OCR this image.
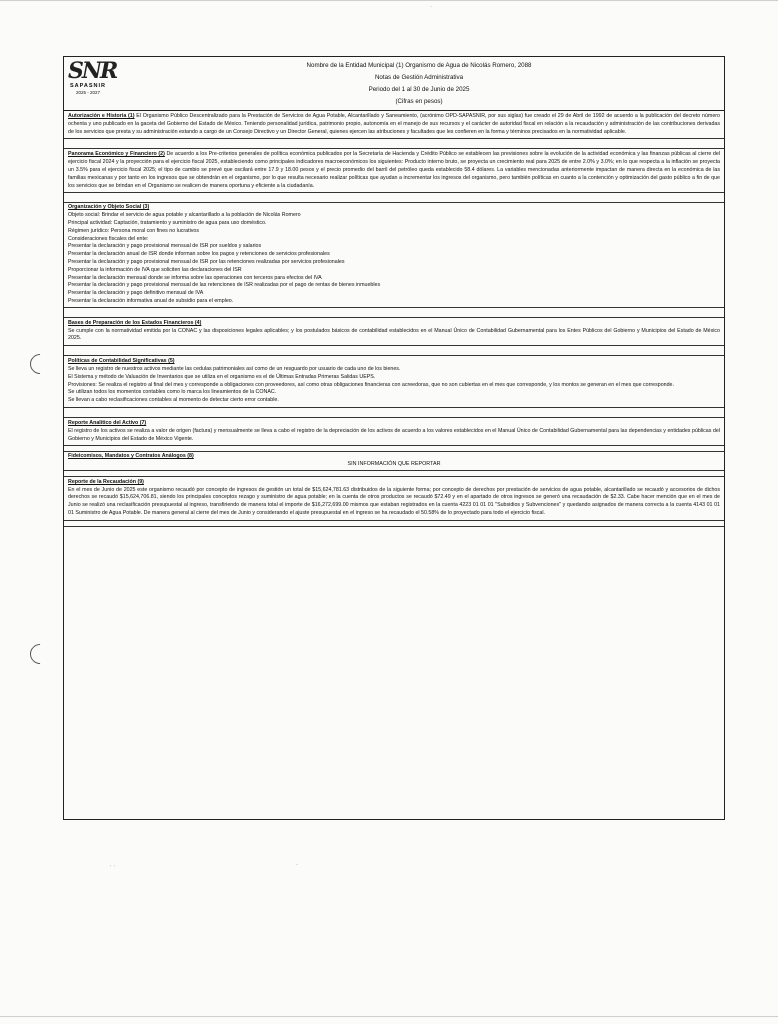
·
˙ ˙
·
SNR
SAPASNIR
2025 - 2027
Nombre de la Entidad Municipal (1) Organismo de Agua de Nicolás Romero, 2088
Notas de Gestión Administrativa
Periodo del 1 al 30 de Junio de 2025
(Cifras en pesos)
Autorización e Historia (1) El Organismo Público Descentralizado para la Prestación de Servicios de Agua Potable, Alcantarillado y Saneamiento, (acrónimo OPD-SAPASNIR, por sus siglas) fue creado el 29 de Abril de 1992 de acuerdo a la publicación del decreto número ochenta y uno publicado en la gaceta del Gobierno del Estado de México. Teniendo personalidad jurídica, patrimonio propio, autonomía en el manejo de sus recursos y el carácter de autoridad fiscal en relación a la recaudación y administración de las contribuciones derivadas de los servicios que presta y su administración estando a cargo de un Consejo Directivo y un Director General, quienes ejercen las atribuciones y facultades que les confieren en la forma y términos precisados en la normatividad aplicable.
Panorama Económico y Financiero (2) De acuerdo a los Pre-criterios generales de política económica publicados por la Secretaría de Hacienda y Crédito Público se establecen las previsiones sobre la evolución de la actividad económica y las finanzas públicas al cierre del ejercicio fiscal 2024 y la proyección para el ejercicio fiscal 2025, estableciendo como principales indicadores macroeconómicos los siguientes: Producto interno bruto, se proyecta un crecimiento real para 2025 de entre 2.0% y 3.0%; en lo que respecta a la inflación se proyecta un 3.5% para el ejercicio fiscal 2025; el tipo de cambio se prevé que oscilará entre 17.9 y 18.00 pesos y el precio promedio del barril del petróleo queda establecido 58.4 dólares. La variables mencionadas anteriormente impactan de manera directa en la económica de las familias mexicanas y por tanto en los ingresos que se obtendrán en el organismo, por lo que resulta necesario realizar políticas que ayudan a incrementar los ingresos del organismo, pero también políticas en cuanto a la contención y optimización del gasto público a fin de que los servicios que se brindan en el Organismo se realicen de manera oportuna y eficiente a la ciudadanía.
Organización y Objeto Social (3)
Objeto social: Brindar el servicio de agua potable y alcantarillado a la población de Nicolás Romero
Principal actividad: Captación, tratamiento y suministro de agua para uso doméstico.
Régimen jurídico: Persona moral con fines no lucrativos
Consideraciones fiscales del ente:
Presentar la declaración y pago provisional mensual de ISR por sueldos y salarios
Presentar la declaración anual de ISR donde informan sobre los pagos y retenciones de servicios profesionales
Presentar la declaración y pago provisional mensual de ISR por las retenciones realizadas por servicios profesionales
Proporcionar la información de IVA que soliciten las declaraciones del ISR
Presentar la declaración mensual donde se informa sobre las operaciones con terceros para efectos del IVA
Presentar la declaración y pago provisional mensual de las retenciones de ISR realizadas por el pago de rentas de bienes inmuebles
Presentar la declaración y pago definitivo mensual de IVA
Presentar la declaración informativa anual de subsidio para el empleo.
Bases de Preparación de los Estados Financieros (4)
Se cumple con la normatividad emitida por la CONAC y las disposiciones legales aplicables; y los postulados básicos de contabilidad establecidos en el Manual Único de Contabilidad Gubernamental para los Entes Públicos del Gobierno y Municipios del Estado de México 2025.
Políticas de Contabilidad Significativas (5)
Se lleva un registro de nuestros activos mediante las cedulas patrimoniales así como de un resguardo por usuario de cada uno de los bienes.
El Sistema y método de Valuación de Inventarios que se utiliza en el organismo es el de Últimas Entradas Primeras Salidas UEPS.
Provisiones: Se realiza el registro al final del mes y corresponde a obligaciones con proveedores, así como otras obligaciones financieras con acreedoras, que no son cubiertas en el mes que corresponde, y los montos se generan en el mes que corresponde.
Se utilizan todos los momentos contables como lo marca los lineamientos de la CONAC.
Se llevan a cabo reclasificaciones contables al momento de detectar cierto error contable.
Reporte Analítico del Activo (7)
El registro de los activos se realiza a valor de origen (factura) y mensualmente se lleva a cabo el registro de la depreciación de los activos de acuerdo a los valores establecidos en el Manual Único de Contabilidad Gubernamental para las dependencias y entidades públicas del Gobierno y Municipios del Estado de México Vigente.
Fideicomisos, Mandatos y Contratos Análogos (8)
SIN INFORMACIÓN QUE REPORTAR
Reporte de la Recaudación (9)
En el mes de Junio de 2025 este organismo recaudó por concepto de ingresos de gestión un total de $15,624,781.63 distribuidos de la siguiente forma; por concepto de derechos por prestación de servicios de agua potable, alcantarillado se recaudó y accesorios de dichos derechos se recaudó $15,624,706.81, siendo los principales conceptos rezago y suministro de agua potable; en la cuenta de otros productos se recaudó $72.49 y en el apartado de otros ingresos se generó una recaudación de $2.33. Cabe hacer mención que en el mes de Junio se realizó una reclasificación presupuestal al ingreso, transfiriendo de manera total el importe de $16,272,699.00 mismos que estaban registrados en la cuenta 4223 01 01 01 "Subsidios y Subvenciones" y quedando asignados de manera correcta a la cuenta 4143 01 01 01 Suministro de Agua Potable. De manera general al cierre del mes de Junio y considerando el ajuste presupuestal en el ingreso se ha recaudado el 50.58% de lo proyectado para todo el ejercicio fiscal.
